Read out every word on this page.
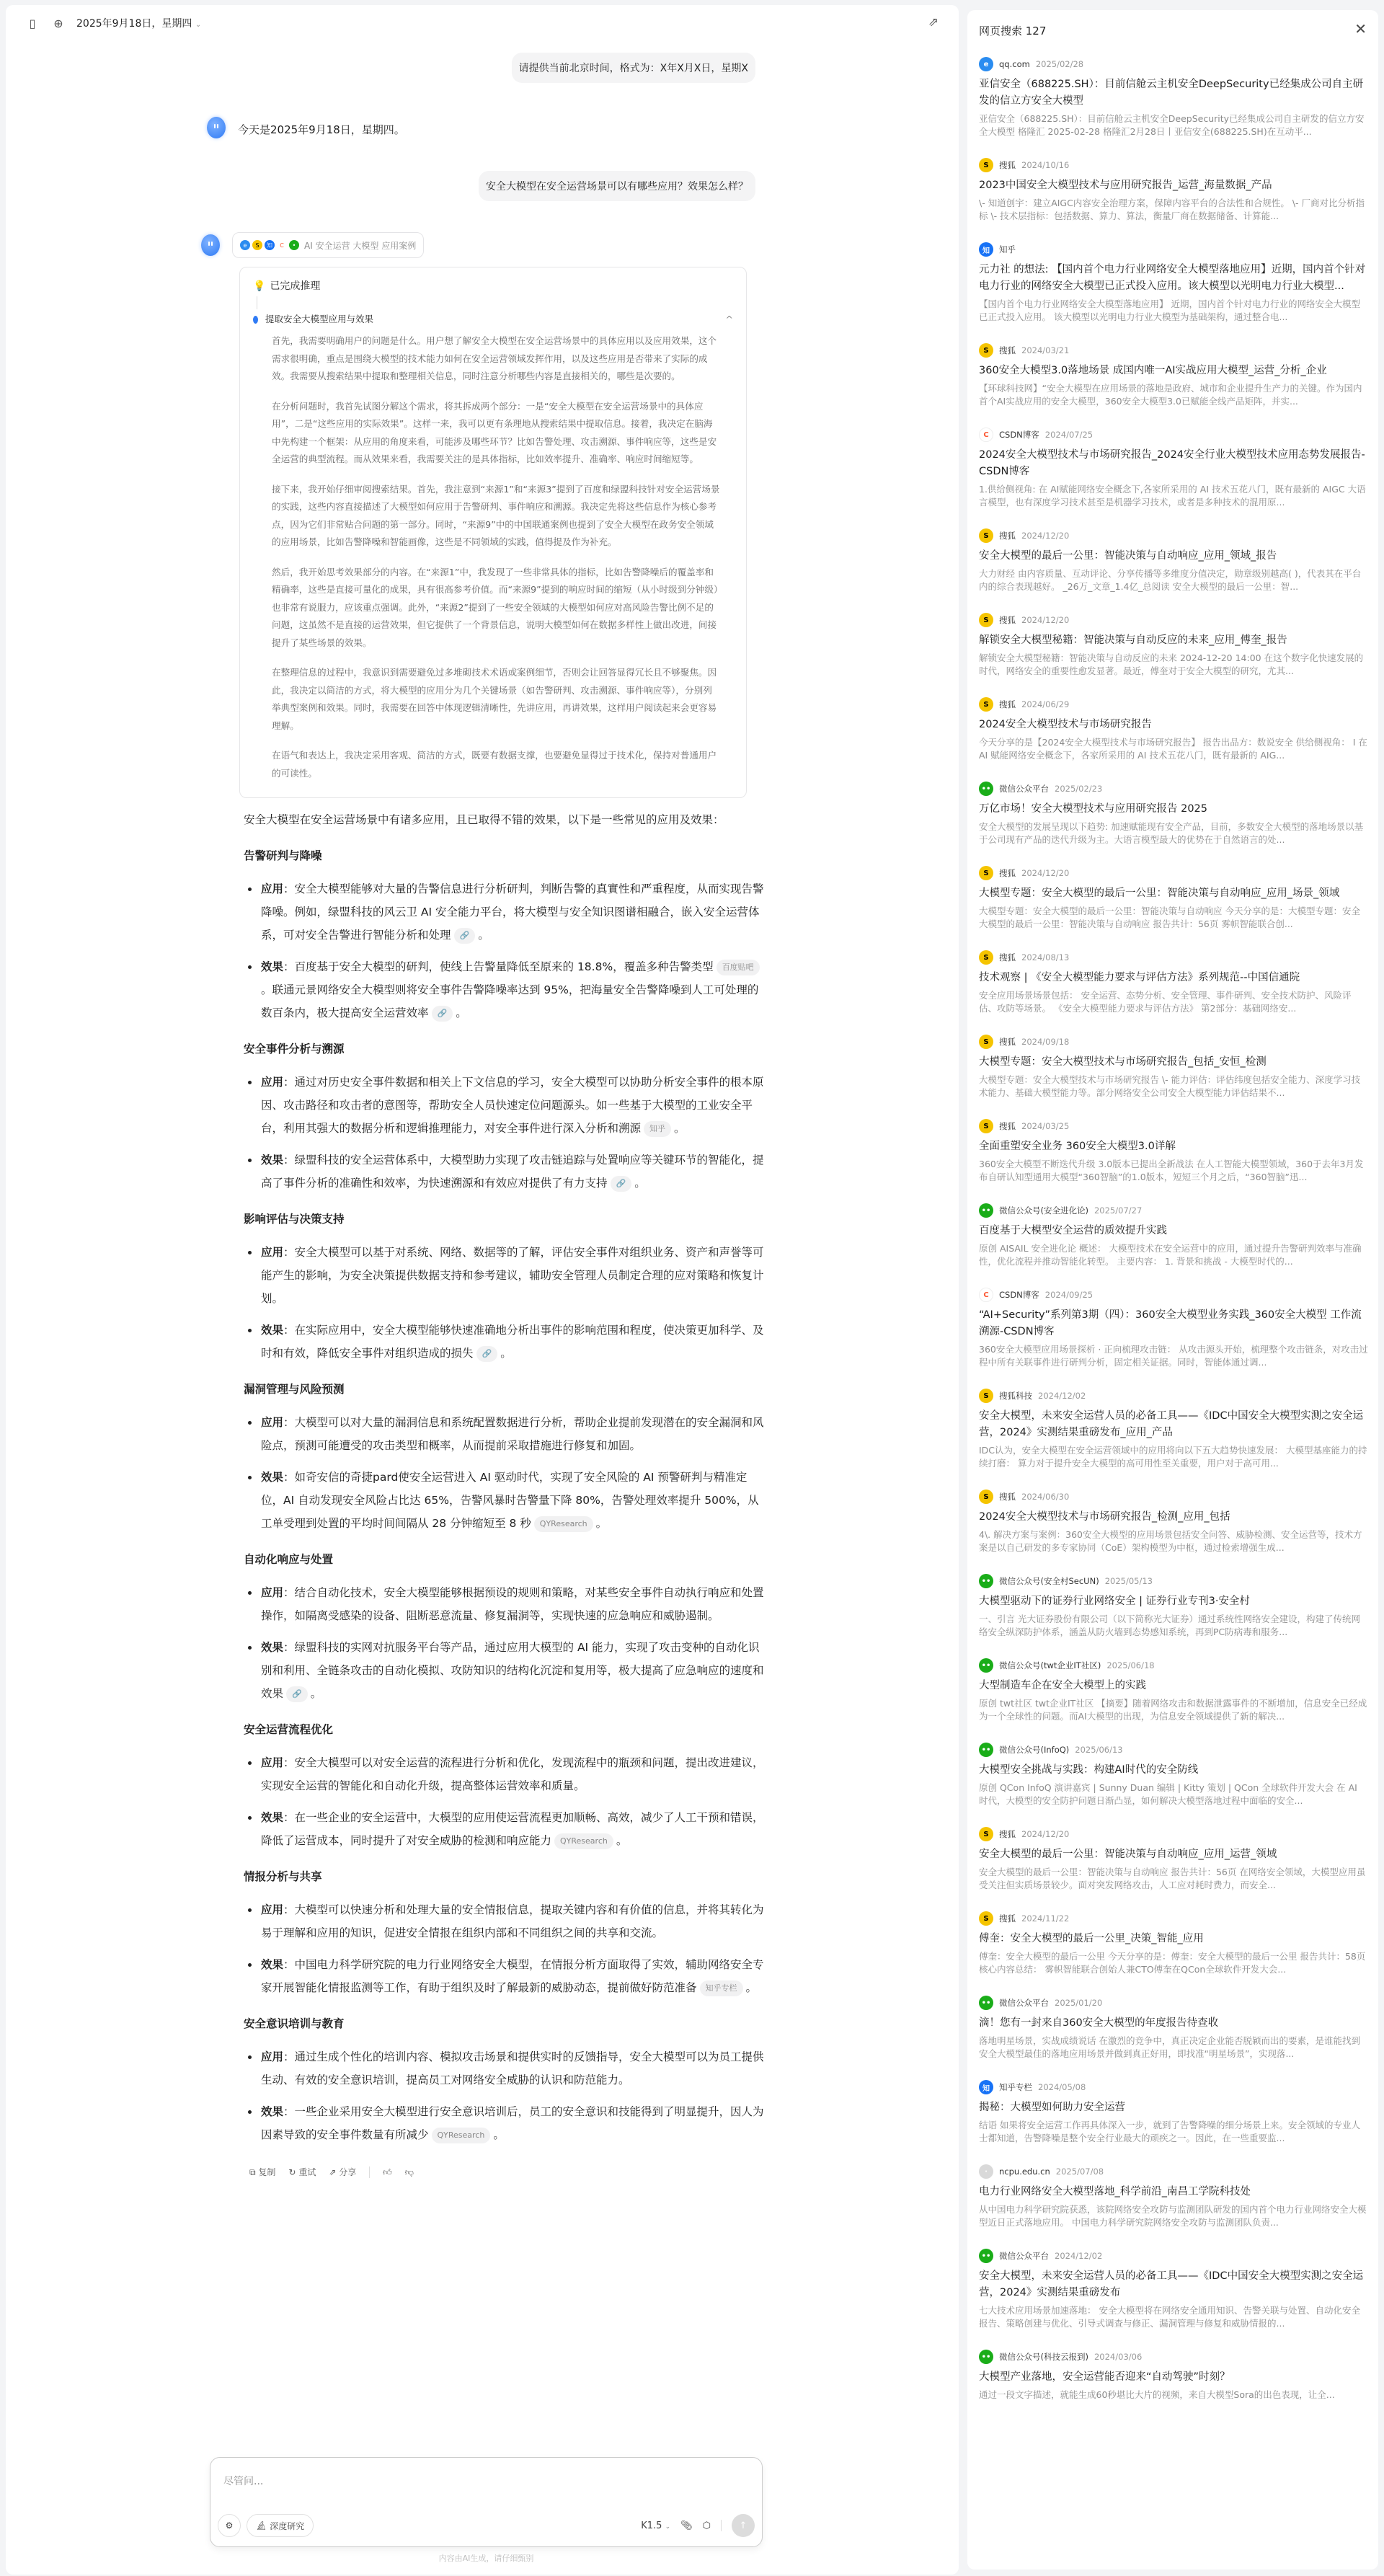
▯	⊕	2025年9月18日，星期四 ⌄	⇗
请提供当前北京时间，格式为：X年X月X日，星期X
今天是2025年9月18日，星期四。
安全大模型在安全运营场景可以有哪些应用？效果怎么样？
e	S	知	C	• AI 安全运营 大模型 应用案例
💡 已完成推理
提取安全大模型应用与效果	^

首先，我需要明确用户的问题是什么。用户想了解安全大模型在安全运营场景中的具体应用以及应用效果，这个需求很明确，重点是围绕大模型的技术能力如何在安全运营领域发挥作用，以及这些应用是否带来了实际的成效。我需要从搜索结果中提取和整理相关信息，同时注意分析哪些内容是直接相关的，哪些是次要的。

在分析问题时，我首先试图分解这个需求，将其拆成两个部分：一是“安全大模型在安全运营场景中的具体应用”，二是“这些应用的实际效果”。这样一来，我可以更有条理地从搜索结果中提取信息。接着，我决定在脑海中先构建一个框架：从应用的角度来看，可能涉及哪些环节？比如告警处理、攻击溯源、事件响应等，这些是安全运营的典型流程。而从效果来看，我需要关注的是具体指标，比如效率提升、准确率、响应时间缩短等。

接下来，我开始仔细审阅搜索结果。首先，我注意到“来源1”和“来源3”提到了百度和绿盟科技针对安全运营场景的实践，这些内容直接描述了大模型如何应用于告警研判、事件响应和溯源。我决定先将这些信息作为核心参考点，因为它们非常贴合问题的第一部分。同时，“来源9”中的中国联通案例也提到了安全大模型在政务安全领域的应用场景，比如告警降噪和智能画像，这些是不同领域的实践，值得提及作为补充。

然后，我开始思考效果部分的内容。在“来源1”中，我发现了一些非常具体的指标，比如告警降噪后的覆盖率和精确率，这些是直接可量化的成果，具有很高参考价值。而“来源9”提到的响应时间的缩短（从小时级到分钟级）也非常有说服力，应该重点强调。此外，“来源2”提到了一些安全领域的大模型如何应对高风险告警比例不足的问题，这虽然不是直接的运营效果，但它提供了一个背景信息，说明大模型如何在数据多样性上做出改进，间接提升了某些场景的效果。

在整理信息的过程中，我意识到需要避免过多堆砌技术术语或案例细节，否则会让回答显得冗长且不够聚焦。因此，我决定以简洁的方式，将大模型的应用分为几个关键场景（如告警研判、攻击溯源、事件响应等），分别列举典型案例和效果。同时，我需要在回答中体现逻辑清晰性，先讲应用，再讲效果，这样用户阅读起来会更容易理解。

在语气和表达上，我决定采用客观、简洁的方式，既要有数据支撑，也要避免显得过于技术化，保持对普通用户的可读性。

安全大模型在安全运营场景中有诸多应用，且已取得不错的效果，以下是一些常见的应用及效果：

告警研判与降噪
应用：安全大模型能够对大量的告警信息进行分析研判，判断告警的真實性和严重程度，从而实现告警降噪。例如，绿盟科技的风云卫 AI 安全能力平台，将大模型与安全知识图谱相融合，嵌入安全运营体系，可对安全告警进行智能分析和处理 🔗 。
效果：百度基于安全大模型的研判，使线上告警量降低至原来的 18.8%，覆盖多种告警类型 百度贴吧。联通元景网络安全大模型则将安全事件告警降噪率达到 95%，把海量安全告警降噪到人工可处理的数百条内，极大提高安全运营效率 🔗 。
安全事件分析与溯源
应用：通过对历史安全事件数据和相关上下文信息的学习，安全大模型可以协助分析安全事件的根本原因、攻击路径和攻击者的意图等，帮助安全人员快速定位问题源头。如一些基于大模型的工业安全平台，利用其强大的数据分析和逻辑推理能力，对安全事件进行深入分析和溯源 知乎 。
效果：绿盟科技的安全运营体系中，大模型助力实现了攻击链追踪与处置响应等关键环节的智能化，提高了事件分析的准确性和效率，为快速溯源和有效应对提供了有力支持 🔗 。
影响评估与决策支持
应用：安全大模型可以基于对系统、网络、数据等的了解，评估安全事件对组织业务、资产和声誉等可能产生的影响，为安全决策提供数据支持和参考建议，辅助安全管理人员制定合理的应对策略和恢复计划。
效果：在实际应用中，安全大模型能够快速准确地分析出事件的影响范围和程度，使决策更加科学、及时和有效，降低安全事件对组织造成的损失 🔗 。
漏洞管理与风险预测
应用：大模型可以对大量的漏洞信息和系统配置数据进行分析，帮助企业提前发现潜在的安全漏洞和风险点，预测可能遭受的攻击类型和概率，从而提前采取措施进行修复和加固。
效果：如奇安信的奇捷pard使安全运营进入 AI 驱动时代，实现了安全风险的 AI 预警研判与精准定位，AI 自动发现安全风险占比达 65%，告警风暴时告警量下降 80%，告警处理效率提升 500%，从工单受理到处置的平均时间间隔从 28 分钟缩短至 8 秒 QYResearch 。
自动化响应与处置
应用：结合自动化技术，安全大模型能够根据预设的规则和策略，对某些安全事件自动执行响应和处置操作，如隔离受感染的设备、阻断恶意流量、修复漏洞等，实现快速的应急响应和威胁遏制。
效果：绿盟科技的实网对抗服务平台等产品，通过应用大模型的 AI 能力，实现了攻击变种的自动化识别和利用、全链条攻击的自动化模拟、攻防知识的结构化沉淀和复用等，极大提高了应急响应的速度和效果 🔗 。
安全运营流程优化
应用：安全大模型可以对安全运营的流程进行分析和优化，发现流程中的瓶颈和问题，提出改进建议，实现安全运营的智能化和自动化升级，提高整体运营效率和质量。
效果：在一些企业的安全运营中，大模型的应用使运营流程更加顺畅、高效，减少了人工干预和错误，降低了运营成本，同时提升了对安全威胁的检测和响应能力 QYResearch 。
情报分析与共享
应用：大模型可以快速分析和处理大量的安全情报信息，提取关键内容和有价值的信息，并将其转化为易于理解和应用的知识，促进安全情报在组织内部和不同组织之间的共享和交流。
效果：中国电力科学研究院的电力行业网络安全大模型，在情报分析方面取得了实效，辅助网络安全专家开展智能化情报监测等工作，有助于组织及时了解最新的威胁动态，提前做好防范准备 知乎专栏 。
安全意识培训与教育
应用：通过生成个性化的培训内容、模拟攻击场景和提供实时的反馈指导，安全大模型可以为员工提供生动、有效的安全意识培训，提高员工对网络安全威胁的认识和防范能力。
效果：一些企业采用安全大模型进行安全意识培训后，员工的安全意识和技能得到了明显提升，因人为因素导致的安全事件数量有所减少 QYResearch 。
⧉ 复制 ↻ 重试 ⇗ 分享	👍︎ 👎︎
尽管问...
⚙	🔬︎ 深度研究	K1.5 ⌄ 📎︎ ⬡	↑
内容由AI生成，请仔细甄别
网页搜索 127	✕
e	qq.com 2025/02/28
亚信安全（688225.SH）：目前信舱云主机安全DeepSecurity已经集成公司自主研发的信立方安全大模型
亚信安全（688225.SH）：目前信舱云主机安全DeepSecurity已经集成公司自主研发的信立方安全大模型 格隆汇 2025-02-28 格隆汇2月28日丨亚信安全(688225.SH)在互动平...
S	搜狐 2024/10/16
2023中国安全大模型技术与应用研究报告_运营_海量数据_产品
\- 知道创宇：建立AIGC内容安全治理方案，保障内容平台的合法性和合规性。 \- 厂商对比分析指标 \- 技术层指标：包括数据、算力、算法，衡量厂商在数据储备、计算能...
知	知乎
元力社 的想法: 【国内首个电力行业网络安全大模型落地应用】近期，国内首个针对电力行业的网络安全大模型已正式投入应用。该大模型以光明电力行业大模型...
【国内首个电力行业网络安全大模型落地应用】 近期，国内首个针对电力行业的网络安全大模型已正式投入应用。 该大模型以光明电力行业大模型为基础架构，通过整合电...
S	搜狐 2024/03/21
360安全大模型3.0落地场景 成国内唯一AI实战应用大模型_运营_分析_企业
【环球科技网】“安全大模型在应用场景的落地是政府、城市和企业提升生产力的关键。作为国内首个AI实战应用的安全大模型，360安全大模型3.0已赋能全线产品矩阵，并实...
C	CSDN博客 2024/07/25
2024安全大模型技术与市场研究报告_2024安全行业大模型技术应用态势发展报告-CSDN博客
1.供给侧视角: 在 AI赋能网络安全概念下,各家所采用的 AI 技术五花八门，既有最新的 AIGC 大语言模型，也有深度学习技术甚至是机器学习技术，或者是多种技术的混用原...
S	搜狐 2024/12/20
安全大模型的最后一公里：智能决策与自动响应_应用_领域_报告
大力财经 由内容质量、互动评论、分享传播等多维度分值决定，勋章级别越高( )，代表其在平台内的综合表现越好。 _26万_文章_1.4亿_总阅读 安全大模型的最后一公里：智...
S	搜狐 2024/12/20
解锁安全大模型秘籍：智能决策与自动反应的未来_应用_傅奎_报告
解锁安全大模型秘籍：智能决策与自动反应的未来 2024-12-20 14:00 在这个数字化快速发展的时代，网络安全的重要性愈发显著。最近，傅奎对于安全大模型的研究，尤其...
S	搜狐 2024/06/29
2024安全大模型技术与市场研究报告
今天分享的是【2024安全大模型技术与市场研究报告】 报告出品方：数说安全 供给侧视角： I 在 AI 赋能网络安全概念下，各家所采用的 AI 技术五花八门，既有最新的 AIG...
••	微信公众平台 2025/02/23
万亿市场！安全大模型技术与应用研究报告 2025
安全大模型的发展呈现以下趋势: 加速赋能现有安全产品，目前，多数安全大模型的落地场景以基于公司现有产品的迭代升级为主。大语言模型最大的优势在于自然语言的处...
S	搜狐 2024/12/20
大模型专题：安全大模型的最后一公里：智能决策与自动响应_应用_场景_领域
大模型专题：安全大模型的最后一公里：智能决策与自动响应 今天分享的是：大模型专题：安全大模型的最后一公里：智能决策与自动响应 报告共计：56页 雾帜智能联合创...
S	搜狐 2024/08/13
技术观察 | 《安全大模型能力要求与评估方法》系列规范--中国信通院
安全应用场景场景包括： 安全运营、态势分析、安全管理、事件研判、安全技术防护、风险评估、攻防等场景。 《安全大模型能力要求与评估方法》 第2部分：基础网络安...
S	搜狐 2024/09/18
大模型专题：安全大模型技术与市场研究报告_包括_安恒_检测
大模型专题：安全大模型技术与市场研究报告 \- 能力评估：评估纬度包括安全能力、深度学习技术能力、基础大模型能力等。部分网络安全公司安全大模型能力评估结果不...
S	搜狐 2024/03/25
全面重塑安全业务 360安全大模型3.0详解
360安全大模型不断迭代升级 3.0版本已提出全新战法 在人工智能大模型领域，360于去年3月发布自研认知型通用大模型“360智脑”的1.0版本，短短三个月之后，“360智脑”迅...
••	微信公众号(安全进化论) 2025/07/27
百度基于大模型安全运营的质效提升实践
原创 AISAIL 安全进化论 概述： 大模型技术在安全运营中的应用，通过提升告警研判效率与准确性，优化流程并推动智能化转型。 主要内容： 1. 背景和挑战 - 大模型时代的...
C	CSDN博客 2024/09/25
“AI+Security”系列第3期（四）：360安全大模型业务实践_360安全大模型 工作流溯源-CSDN博客
360安全大模型应用场景探析 · 正向梳理攻击链： 从攻击源头开始，梳理整个攻击链条，对攻击过程中所有关联事件进行研判分析，固定相关证据。同时，智能体通过调...
S	搜狐科技 2024/12/02
安全大模型，未来安全运营人员的必备工具——《IDC中国安全大模型实测之安全运营，2024》实测结果重磅发布_应用_产品
IDC认为，安全大模型在安全运营领域中的应用将向以下五大趋势快速发展： 大模型基座能力的持续打磨： 算力对于提升安全大模型的高可用性至关重要，用户对于高可用...
S	搜狐 2024/06/30
2024安全大模型技术与市场研究报告_检测_应用_包括
4\. 解决方案与案例：360安全大模型的应用场景包括安全问答、威胁检测、安全运营等，技术方案是以自己研发的多专家协同（CoE）架构模型为中枢，通过检索增强生成...
••	微信公众号(安全村SecUN) 2025/05/13
大模型驱动下的证券行业网络安全 | 证券行业专刊3·安全村
一、引言 光大证券股份有限公司（以下简称光大证券）通过系统性网络安全建设，构建了传统网络安全纵深防护体系，涵盖从防火墙到态势感知系统，再到PC防病毒和服务...
••	微信公众号(twt企业IT社区) 2025/06/18
大型制造车企在安全大模型上的实践
原创 twt社区 twt企业IT社区 【摘要】随着网络攻击和数据泄露事件的不断增加，信息安全已经成为一个全球性的问题。而AI大模型的出现，为信息安全领域提供了新的解决...
••	微信公众号(InfoQ) 2025/06/13
大模型安全挑战与实践：构建AI时代的安全防线
原创 QCon InfoQ 演讲嘉宾 | Sunny Duan 编辑 | Kitty 策划 | QCon 全球软件开发大会 在 AI 时代，大模型的安全防护问题日渐凸显，如何解决大模型落地过程中面临的安全...
S	搜狐 2024/12/20
安全大模型的最后一公里：智能决策与自动响应_应用_运营_领域
安全大模型的最后一公里：智能决策与自动响应 报告共计：56页 在网络安全领域，大模型应用虽受关注但实质场景较少。面对突发网络攻击，人工应对耗时费力，而安全...
S	搜狐 2024/11/22
傅奎：安全大模型的最后一公里_决策_智能_应用
傅奎：安全大模型的最后一公里 今天分享的是：傅奎：安全大模型的最后一公里 报告共计：58页 核心内容总结： 雾帜智能联合创始人兼CTO傅奎在QCon全球软件开发大会...
••	微信公众平台 2025/01/20
滴！您有一封来自360安全大模型的年度报告待查收
落地明星场景，实战成绩说话 在激烈的竞争中，真正决定企业能否脱颖而出的要素，是谁能找到安全大模型最佳的落地应用场景并做到真正好用，即找准“明星场景”，实现落...
知	知乎专栏 2024/05/08
揭秘：大模型如何助力安全运营
结语 如果将安全运营工作再具体深入一步，就到了告警降噪的细分场景上来。安全领域的专业人士都知道，告警降噪是整个安全行业最大的顽疾之一。因此，在一些重要监...
·	ncpu.edu.cn 2025/07/08
电力行业网络安全大模型落地_科学前沿_南昌工学院科技处
从中国电力科学研究院获悉，该院网络安全攻防与监测团队研发的国内首个电力行业网络安全大模型近日正式落地应用。 中国电力科学研究院网络安全攻防与监测团队负责...
••	微信公众平台 2024/12/02
安全大模型，未来安全运营人员的必备工具——《IDC中国安全大模型实测之安全运营，2024》实测结果重磅发布
七大技术应用场景加速落地： 安全大模型将在网络安全通用知识、告警关联与处置、自动化安全报告、策略创建与优化、引导式调查与修正、漏洞管理与修复和威胁情报的...
••	微信公众号(科技云报到) 2024/03/06
大模型产业落地，安全运营能否迎来“自动驾驶”时刻？
通过一段文字描述，就能生成60秒堪比大片的视频，来自大模型Sora的出色表现，让全...
